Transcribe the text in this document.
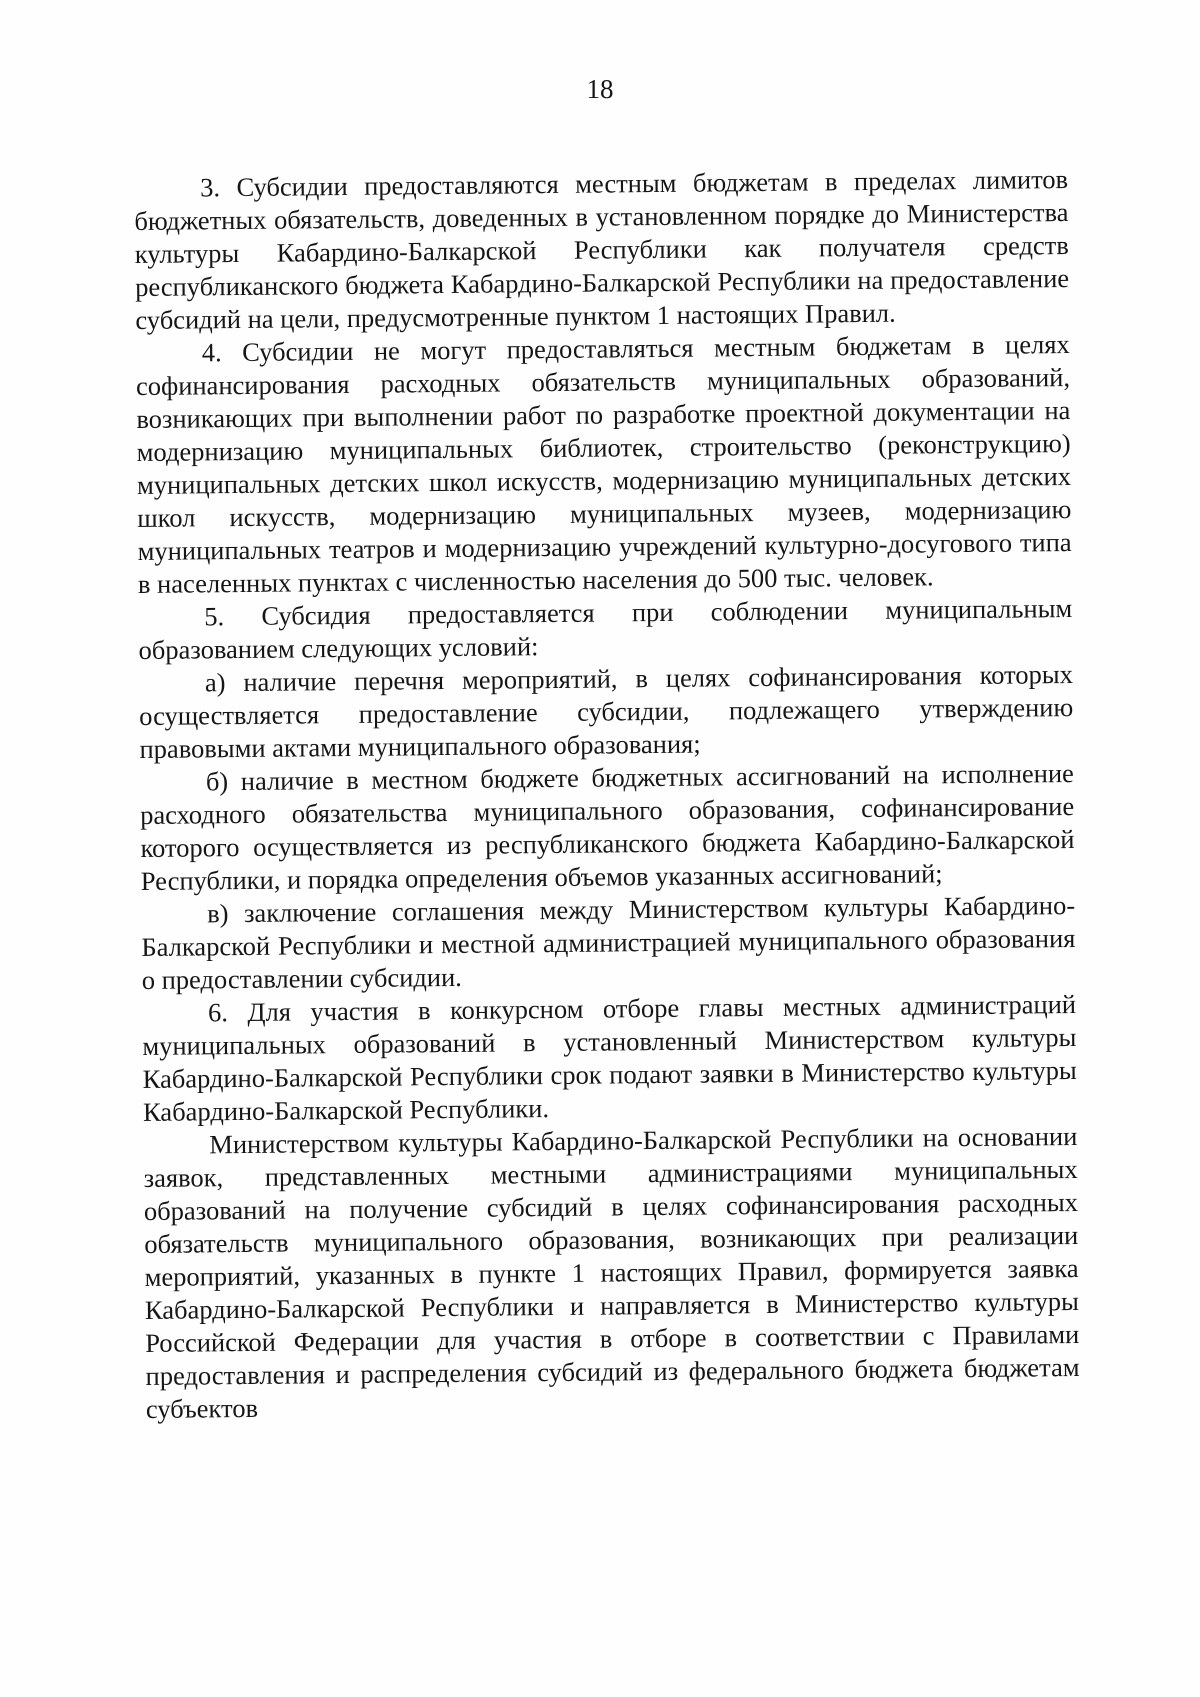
18

3. Субсидии предоставляются местным бюджетам в пределах лимитов бюджетных обязательств, доведенных в установленном порядке до Министерства культуры Кабардино-Балкарской Республики как получателя средств республиканского бюджета Кабардино-Балкарской Республики на предоставление субсидий на цели, предусмотренные пунктом 1 настоящих Правил.

4. Субсидии не могут предоставляться местным бюджетам в целях софинансирования расходных обязательств муниципальных образований, возникающих при выполнении работ по разработке проектной документации на модернизацию муниципальных библиотек, строительство (реконструкцию) муниципальных детских школ искусств, модернизацию муниципальных детских школ искусств, модернизацию муниципальных музеев, модернизацию муниципальных театров и модернизацию учреждений культурно-досугового типа в населенных пунктах с численностью населения до 500 тыс. человек.

5. Субсидия предоставляется при соблюдении муниципальным образованием следующих условий:

а) наличие перечня мероприятий, в целях софинансирования которых осуществляется предоставление субсидии, подлежащего утверждению правовыми актами муниципального образования;

б) наличие в местном бюджете бюджетных ассигнований на исполнение расходного обязательства муниципального образования, софинансирование которого осуществляется из республиканского бюджета Кабардино-Балкарской Республики, и порядка определения объемов указанных ассигнований;

в) заключение соглашения между Министерством культуры Кабардино-Балкарской Республики и местной администрацией муниципального образования о предоставлении субсидии.

6. Для участия в конкурсном отборе главы местных администраций муниципальных образований в установленный Министерством культуры Кабардино-Балкарской Республики срок подают заявки в Министерство культуры Кабардино-Балкарской Республики.

Министерством культуры Кабардино-Балкарской Республики на основании заявок, представленных местными администрациями муниципальных образований на получение субсидий в целях софинансирования расходных обязательств муниципального образования, возникающих при реализации мероприятий, указанных в пункте 1 настоящих Правил, формируется заявка Кабардино-Балкарской Республики и направляется в Министерство культуры Российской Федерации для участия в отборе в соответствии с Правилами предоставления и распределения субсидий из федерального бюджета бюджетам субъектов
